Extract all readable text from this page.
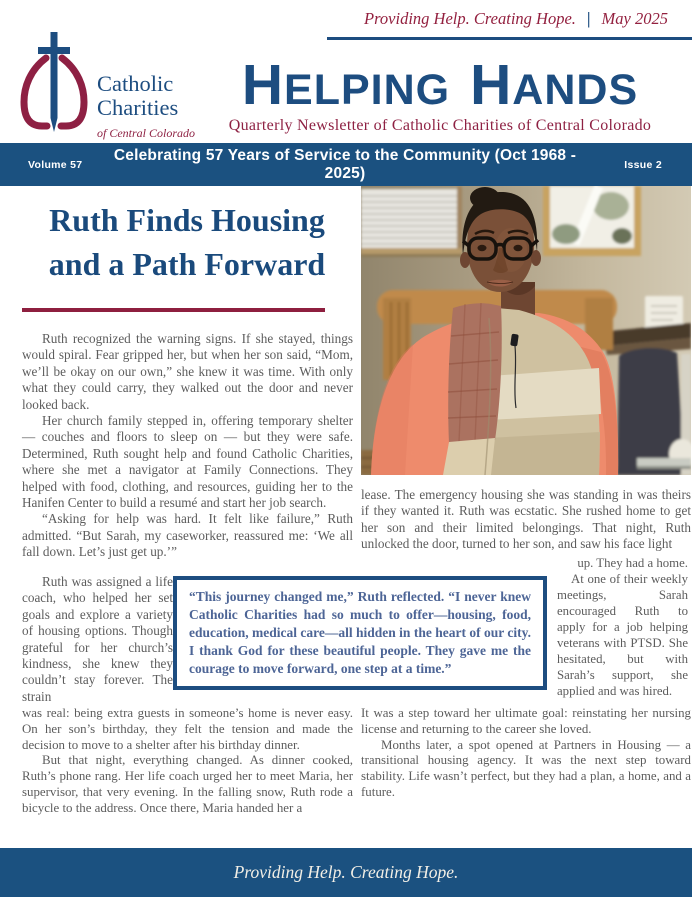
Providing Help. Creating Hope. | May 2025
Catholic
Charities
of Central Colorado
HELPING HANDS
Quarterly Newsletter of Catholic Charities of Central Colorado
Volume 57
Celebrating 57 Years of Service to the Community (Oct 1968 - 2025)	Issue 2
Ruth Finds Housing
and a Path Forward

Ruth recognized the warning signs. If she stayed, things would spiral. Fear gripped her, but when her son said, “Mom, we’ll be okay on our own,” she knew it was time. With only what they could carry, they walked out the door and never looked back.

Her church family stepped in, offering temporary shelter — couches and floors to sleep on — but they were safe. Determined, Ruth sought help and found Catholic Charities, where she met a navigator at Family Connections. They helped with food, clothing, and resources, guiding her to the Hanifen Center to build a resumé and start her job search.

“Asking for help was hard. It felt like failure,” Ruth admitted. “But Sarah, my caseworker, reassured me: ‘We all fall down. Let’s just get up.’”

Ruth was assigned a life coach, who helped her set goals and explore a variety of housing options. Though grateful for her church’s kindness, she knew they couldn’t stay forever. The strain

“This journey changed me,” Ruth reflected. “I never knew Catholic Charities had so much to offer—housing, food, education, medical care—all hidden in the heart of our city. I thank God for these beautiful people. They gave me the courage to move forward, one step at a time.”

was real: being extra guests in someone’s home is never easy. On her son’s birthday, they felt the tension and made the decision to move to a shelter after his birthday dinner.

But that night, everything changed. As dinner cooked, Ruth’s phone rang. Her life coach urged her to meet Maria, her supervisor, that very evening. In the falling snow, Ruth rode a bicycle to the address. Once there, Maria handed her a

lease. The emergency housing she was standing in was theirs if they wanted it. Ruth was ecstatic. She rushed home to get her son and their limited belongings. That night, Ruth unlocked the door, turned to her son, and saw his face light

up. They had a home.

At one of their weekly meetings, Sarah encouraged Ruth to apply for a job helping veterans with PTSD. She hesitated, but with Sarah’s support, she applied and was hired.

It was a step toward her ultimate goal: reinstating her nursing license and returning to the career she loved.

Months later, a spot opened at Partners in Housing — a transitional housing agency. It was the next step toward stability. Life wasn’t perfect, but they had a plan, a home, and a future.

Providing Help. Creating Hope.
